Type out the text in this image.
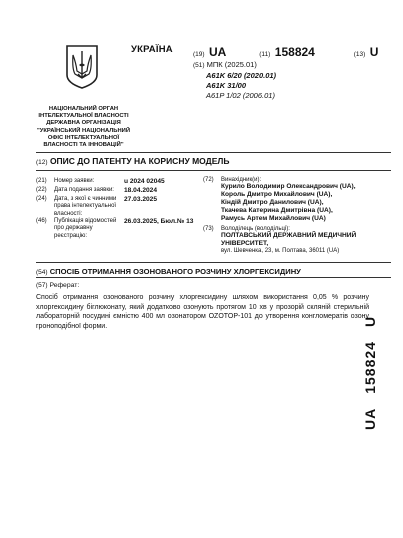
УКРАЇНА	(19) UA	(11) 158824	(13) U
(51) МПК (2025.01)
A61K 6/20 (2020.01)
A61K 31/00
A61P 1/02 (2006.01)
НАЦІОНАЛЬНИЙ ОРГАН
ІНТЕЛЕКТУАЛЬНОЇ ВЛАСНОСТІ
ДЕРЖАВНА ОРГАНІЗАЦІЯ
"УКРАЇНСЬКИЙ НАЦІОНАЛЬНИЙ
ОФІС ІНТЕЛЕКТУАЛЬНОЇ
ВЛАСНОСТІ ТА ІННОВАЦІЙ"
(12) ОПИС ДО ПАТЕНТУ НА КОРИСНУ МОДЕЛЬ
(21) Номер заявки:	u 2024 02045
(22) Дата подання заявки:	18.04.2024
(24) Дата, з якої є чинними права інтелектуальної власності:
27.03.2025
(46) Публікація відомостей про державну реєстрацію:
26.03.2025, Бюл.№ 13
(72) Винахідник(и):
Курило Володимир Олександрович (UA),
Король Дмитро Михайлович (UA),
Кіндій Дмитро Данилович (UA),
Ткачева Катерина Дмитрівна (UA),
Рамусь Артем Михайлович (UA)
(73) Володілець (володільці):
ПОЛТАВСЬКИЙ ДЕРЖАВНИЙ МЕДИЧНИЙ
УНІВЕРСИТЕТ,
вул. Шевченка, 23, м. Полтава, 36011 (UA)
(54) СПОСІБ ОТРИМАННЯ ОЗОНОВАНОГО РОЗЧИНУ ХЛОРГЕКСИДИНУ
(57) Реферат:
Спосіб отримання озонованого розчину хлоргексидину шляхом використання 0,05 % розчину хлоргексидину біглюконату, який додатково озонують протягом 10 хв у прозорій скляній стерильній лабораторній посудині ємністю 400 мл озонатором OZOTOP-101 до утворення конгломератів озону гронoподібної форми.
UA158824U
